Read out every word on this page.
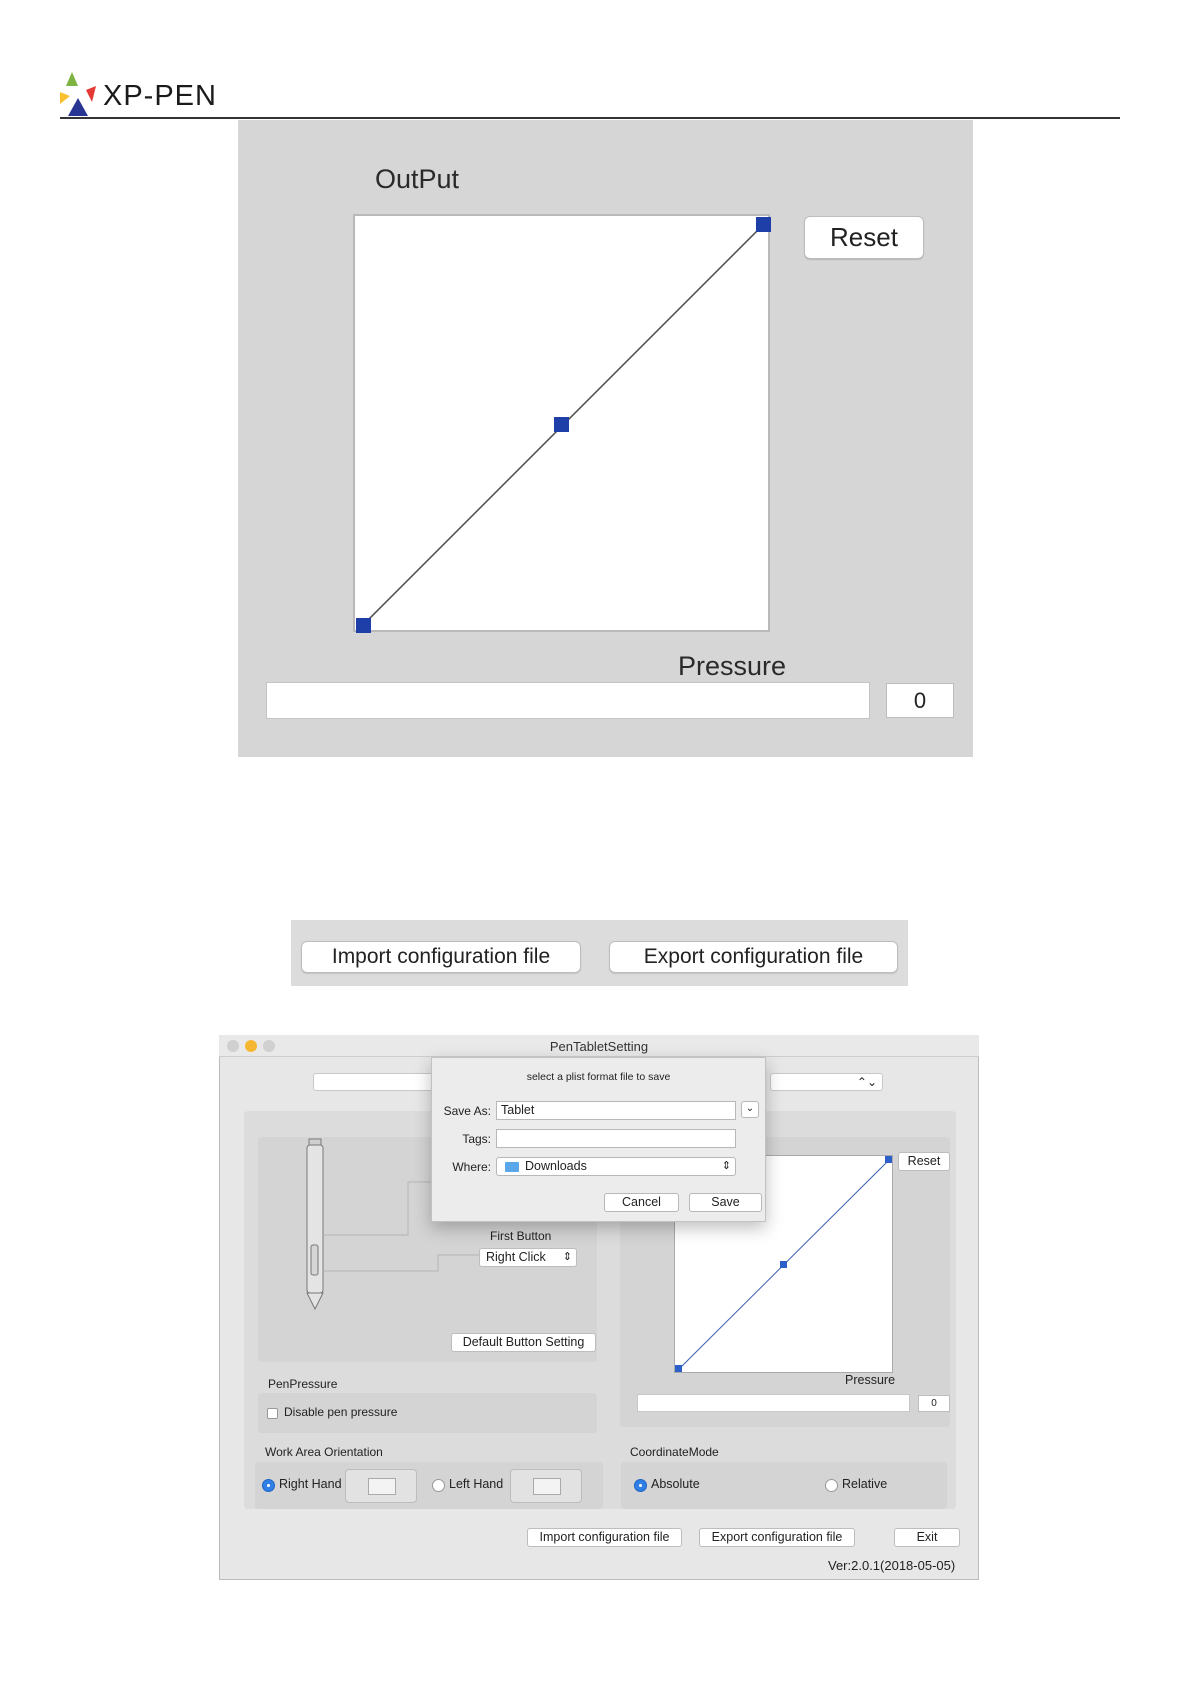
XP-PEN
OutPut
Reset
Pressure
0
Import configuration file	Export configuration file
PenTabletSetting
⌃⌄
First Button
Right Click ⇕
Default Button Setting
Reset
Pressure
0
PenPressure
Disable pen pressure
Work Area Orientation
Right Hand	Left Hand
CoordinateMode
Absolute	Relative
Import configuration file	Export configuration file	Exit
Ver:2.0.1(2018-05-05)
select a plist format file to save
Save As: Tablet	⌄
Tags:
Where:	Downloads	⇕
Cancel	Save
